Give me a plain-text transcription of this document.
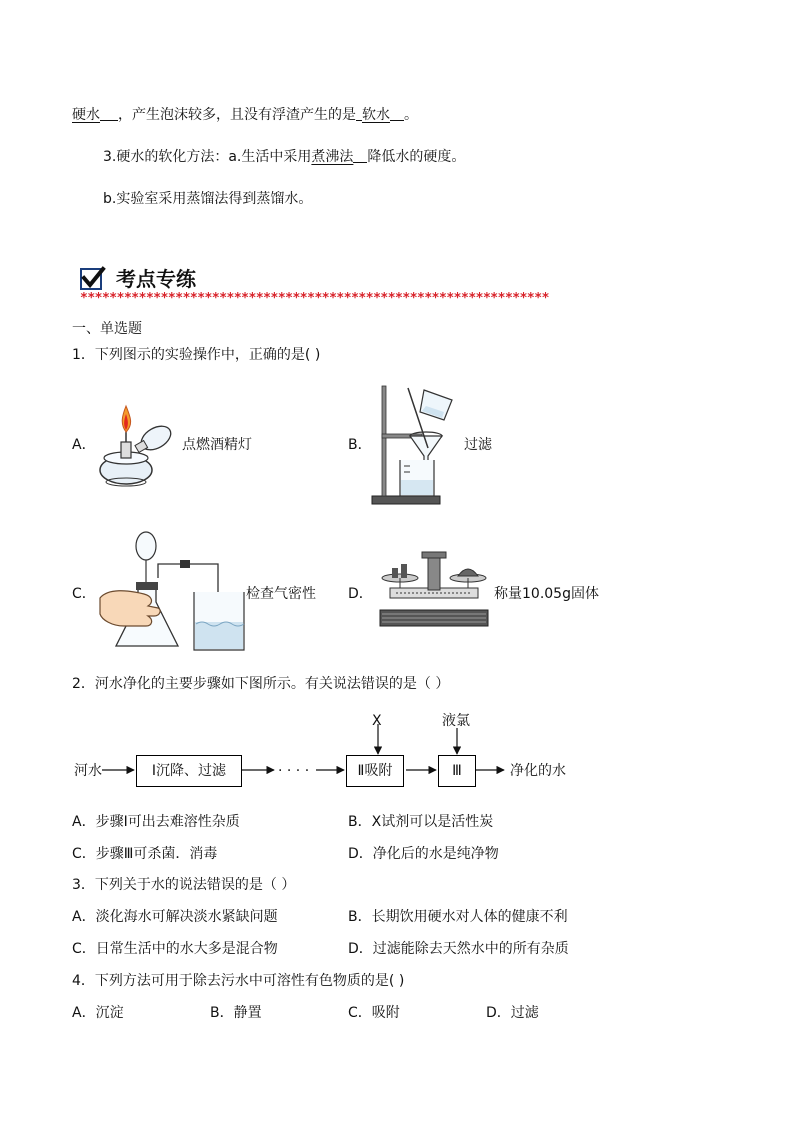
硬水 ，产生泡沫较多，且没有浮渣产生的是 软水 。
3.硬水的软化方法：a.生活中采用煮沸法 降低水的硬度。
b.实验室采用蒸馏法得到蒸馏水。
考点专练
****************************************************************
一、单选题
1．下列图示的实验操作中，正确的是( )
A．	点燃酒精灯	B．	过滤
C．	检查气密性 D．	称量10.05g固体
2．河水净化的主要步骤如下图所示。有关说法错误的是（ ）
河水	Ⅰ沉降、过滤	· · · ·	Ⅱ吸附	Ⅲ	净化的水
X	液氯
A．步骤Ⅰ可出去难溶性杂质	B．X试剂可以是活性炭
C．步骤Ⅲ可杀菌．消毒	D．净化后的水是纯净物
3．下列关于水的说法错误的是（ ）
A．淡化海水可解决淡水紧缺问题	B．长期饮用硬水对人体的健康不利
C．日常生活中的水大多是混合物	D．过滤能除去天然水中的所有杂质
4．下列方法可用于除去污水中可溶性有色物质的是( )
A．沉淀	B．静置	C．吸附	D．过滤
